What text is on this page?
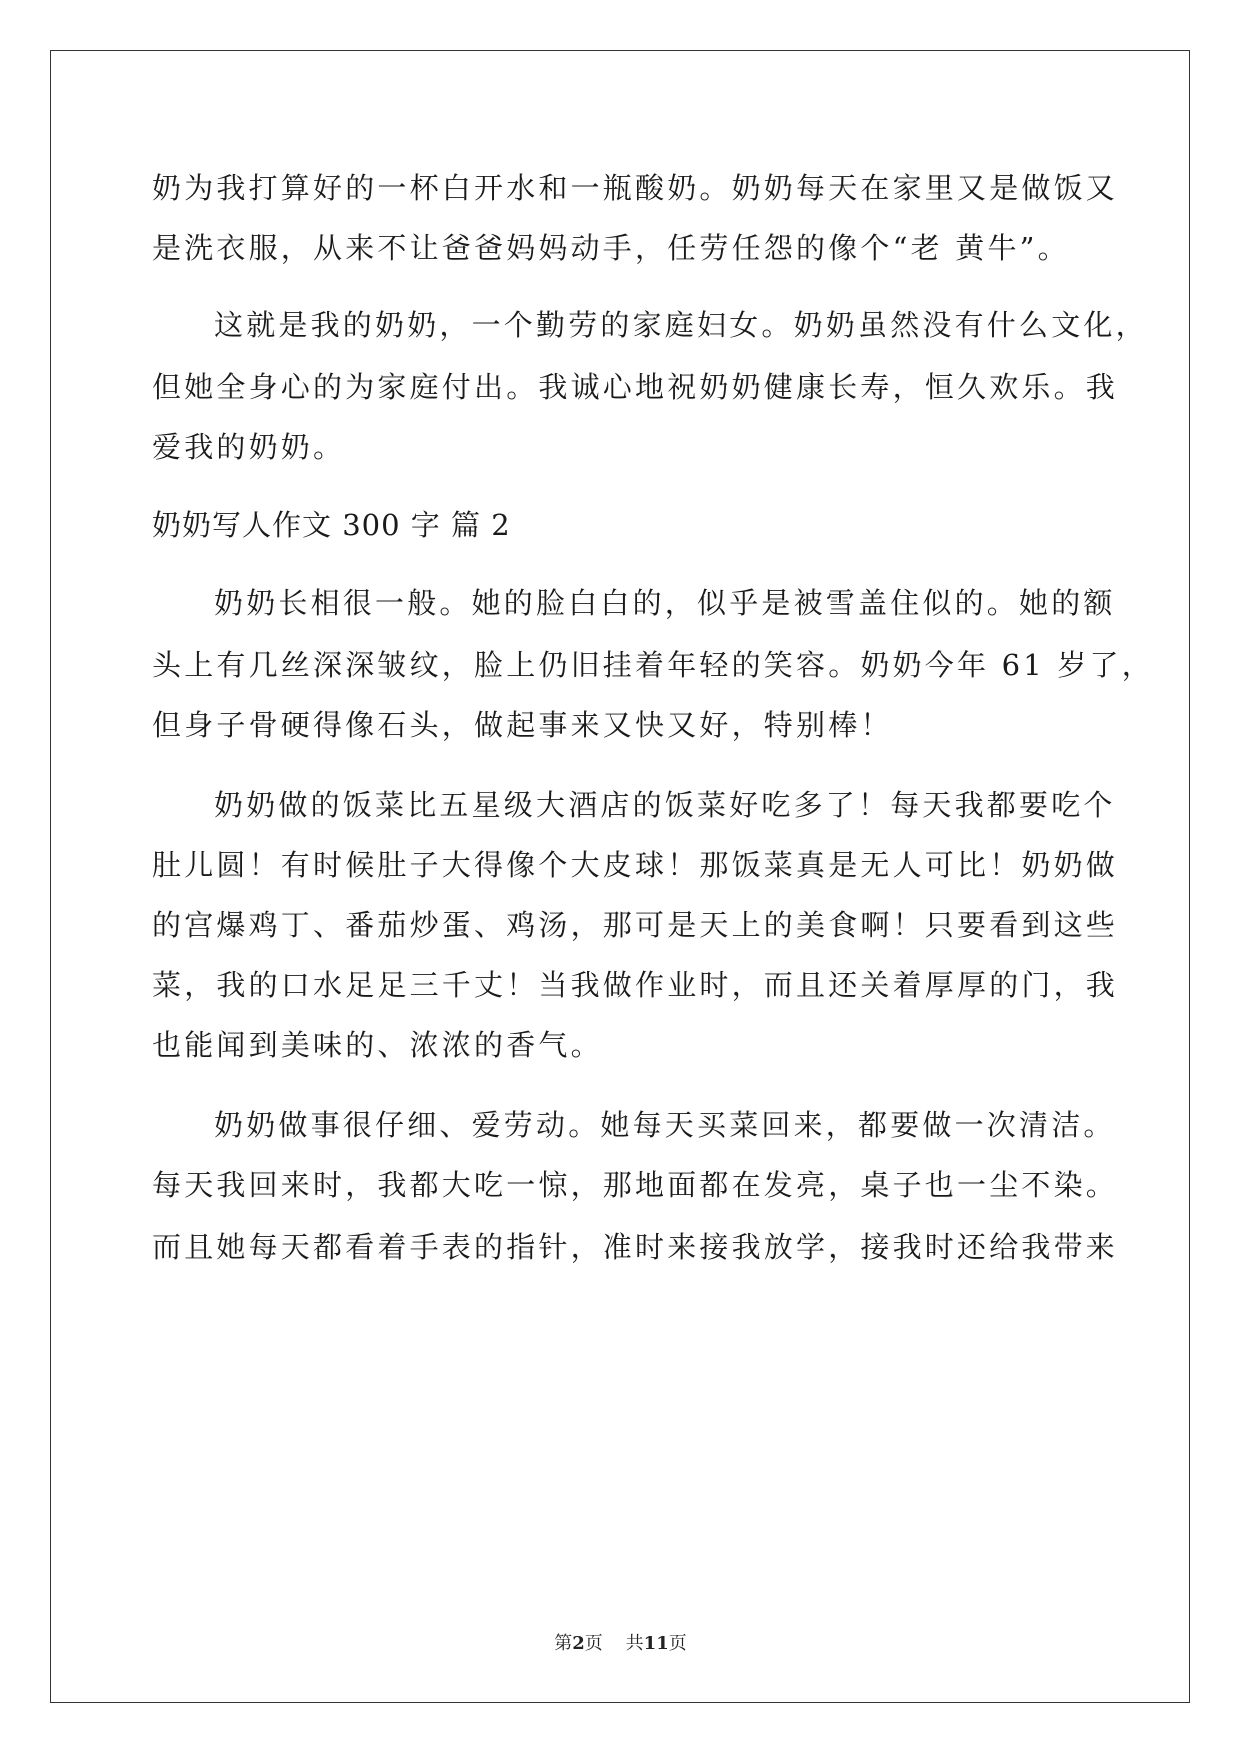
奶为我打算好的一杯白开水和一瓶酸奶。奶奶每天在家里又是做饭又
是洗衣服，从来不让爸爸妈妈动手，任劳任怨的像个“老 黄牛”。
这就是我的奶奶，一个勤劳的家庭妇女。奶奶虽然没有什么文化，
但她全身心的为家庭付出。我诚心地祝奶奶健康长寿，恒久欢乐。我
爱我的奶奶。
奶奶写人作文 300 字 篇 2
奶奶长相很一般。她的脸白白的，似乎是被雪盖住似的。她的额
头上有几丝深深皱纹，脸上仍旧挂着年轻的笑容。奶奶今年 61 岁了，
但身子骨硬得像石头，做起事来又快又好，特别棒！
奶奶做的饭菜比五星级大酒店的饭菜好吃多了！每天我都要吃个
肚儿圆！有时候肚子大得像个大皮球！那饭菜真是无人可比！奶奶做
的宫爆鸡丁、番茄炒蛋、鸡汤，那可是天上的美食啊！只要看到这些
菜，我的口水足足三千丈！当我做作业时，而且还关着厚厚的门，我
也能闻到美味的、浓浓的香气。
奶奶做事很仔细、爱劳动。她每天买菜回来，都要做一次清洁。
每天我回来时，我都大吃一惊，那地面都在发亮，桌子也一尘不染。
而且她每天都看着手表的指针，准时来接我放学，接我时还给我带来
第2页    共11页
